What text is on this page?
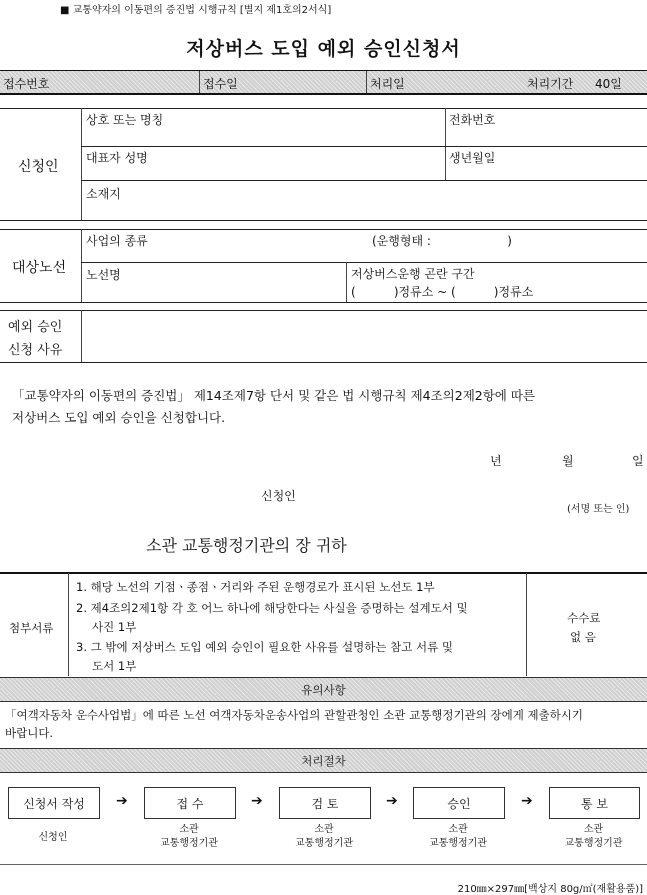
■ 교통약자의 이동편의 증진법 시행규칙 [별지 제1호의2서식]
저상버스 도입 예외 승인신청서
접수번호	접수일	처리일	처리기간 40일
신청인
상호 또는 명칭	전화번호
대표자 성명	생년월일
소재지
대상노선
사업의 종류	(운행형태 :                    )
노선명	저상버스운행 곤란 구간
(          )정류소 ~ (          )정류소
예외 승인
신청 사유
「교통약자의 이동편의 증진법」 제14조제7항 단서 및 같은 법 시행규칙 제4조의2제2항에 따른
저상버스 도입 예외 승인을 신청합니다.
년	월	일
신청인
(서명 또는 인)
소관 교통행정기관의 장 귀하
첨부서류
1. 해당 노선의 기점ㆍ종점ㆍ거리와 주된 운행경로가 표시된 노선도 1부
2. 제4조의2제1항 각 호 어느 하나에 해당한다는 사실을 증명하는 설계도서 및
사진 1부
3. 그 밖에 저상버스 도입 예외 승인이 필요한 사유를 설명하는 참고 서류 및
도서 1부
수수료
없 음
유의사항
「여객자동차 운수사업법」에 따른 노선 여객자동차운송사업의 관할관청인 소관 교통행정기관의 장에게 제출하시기
바랍니다.
처리절차
신청서 작성 ➔	접 수	➔	검 토	➔	승인	➔	통 보
신청인
소관
교통행정기관
소관
교통행정기관
소관
교통행정기관
소관
교통행정기관
210㎜×297㎜[백상지 80g/㎡(재활용품)]
